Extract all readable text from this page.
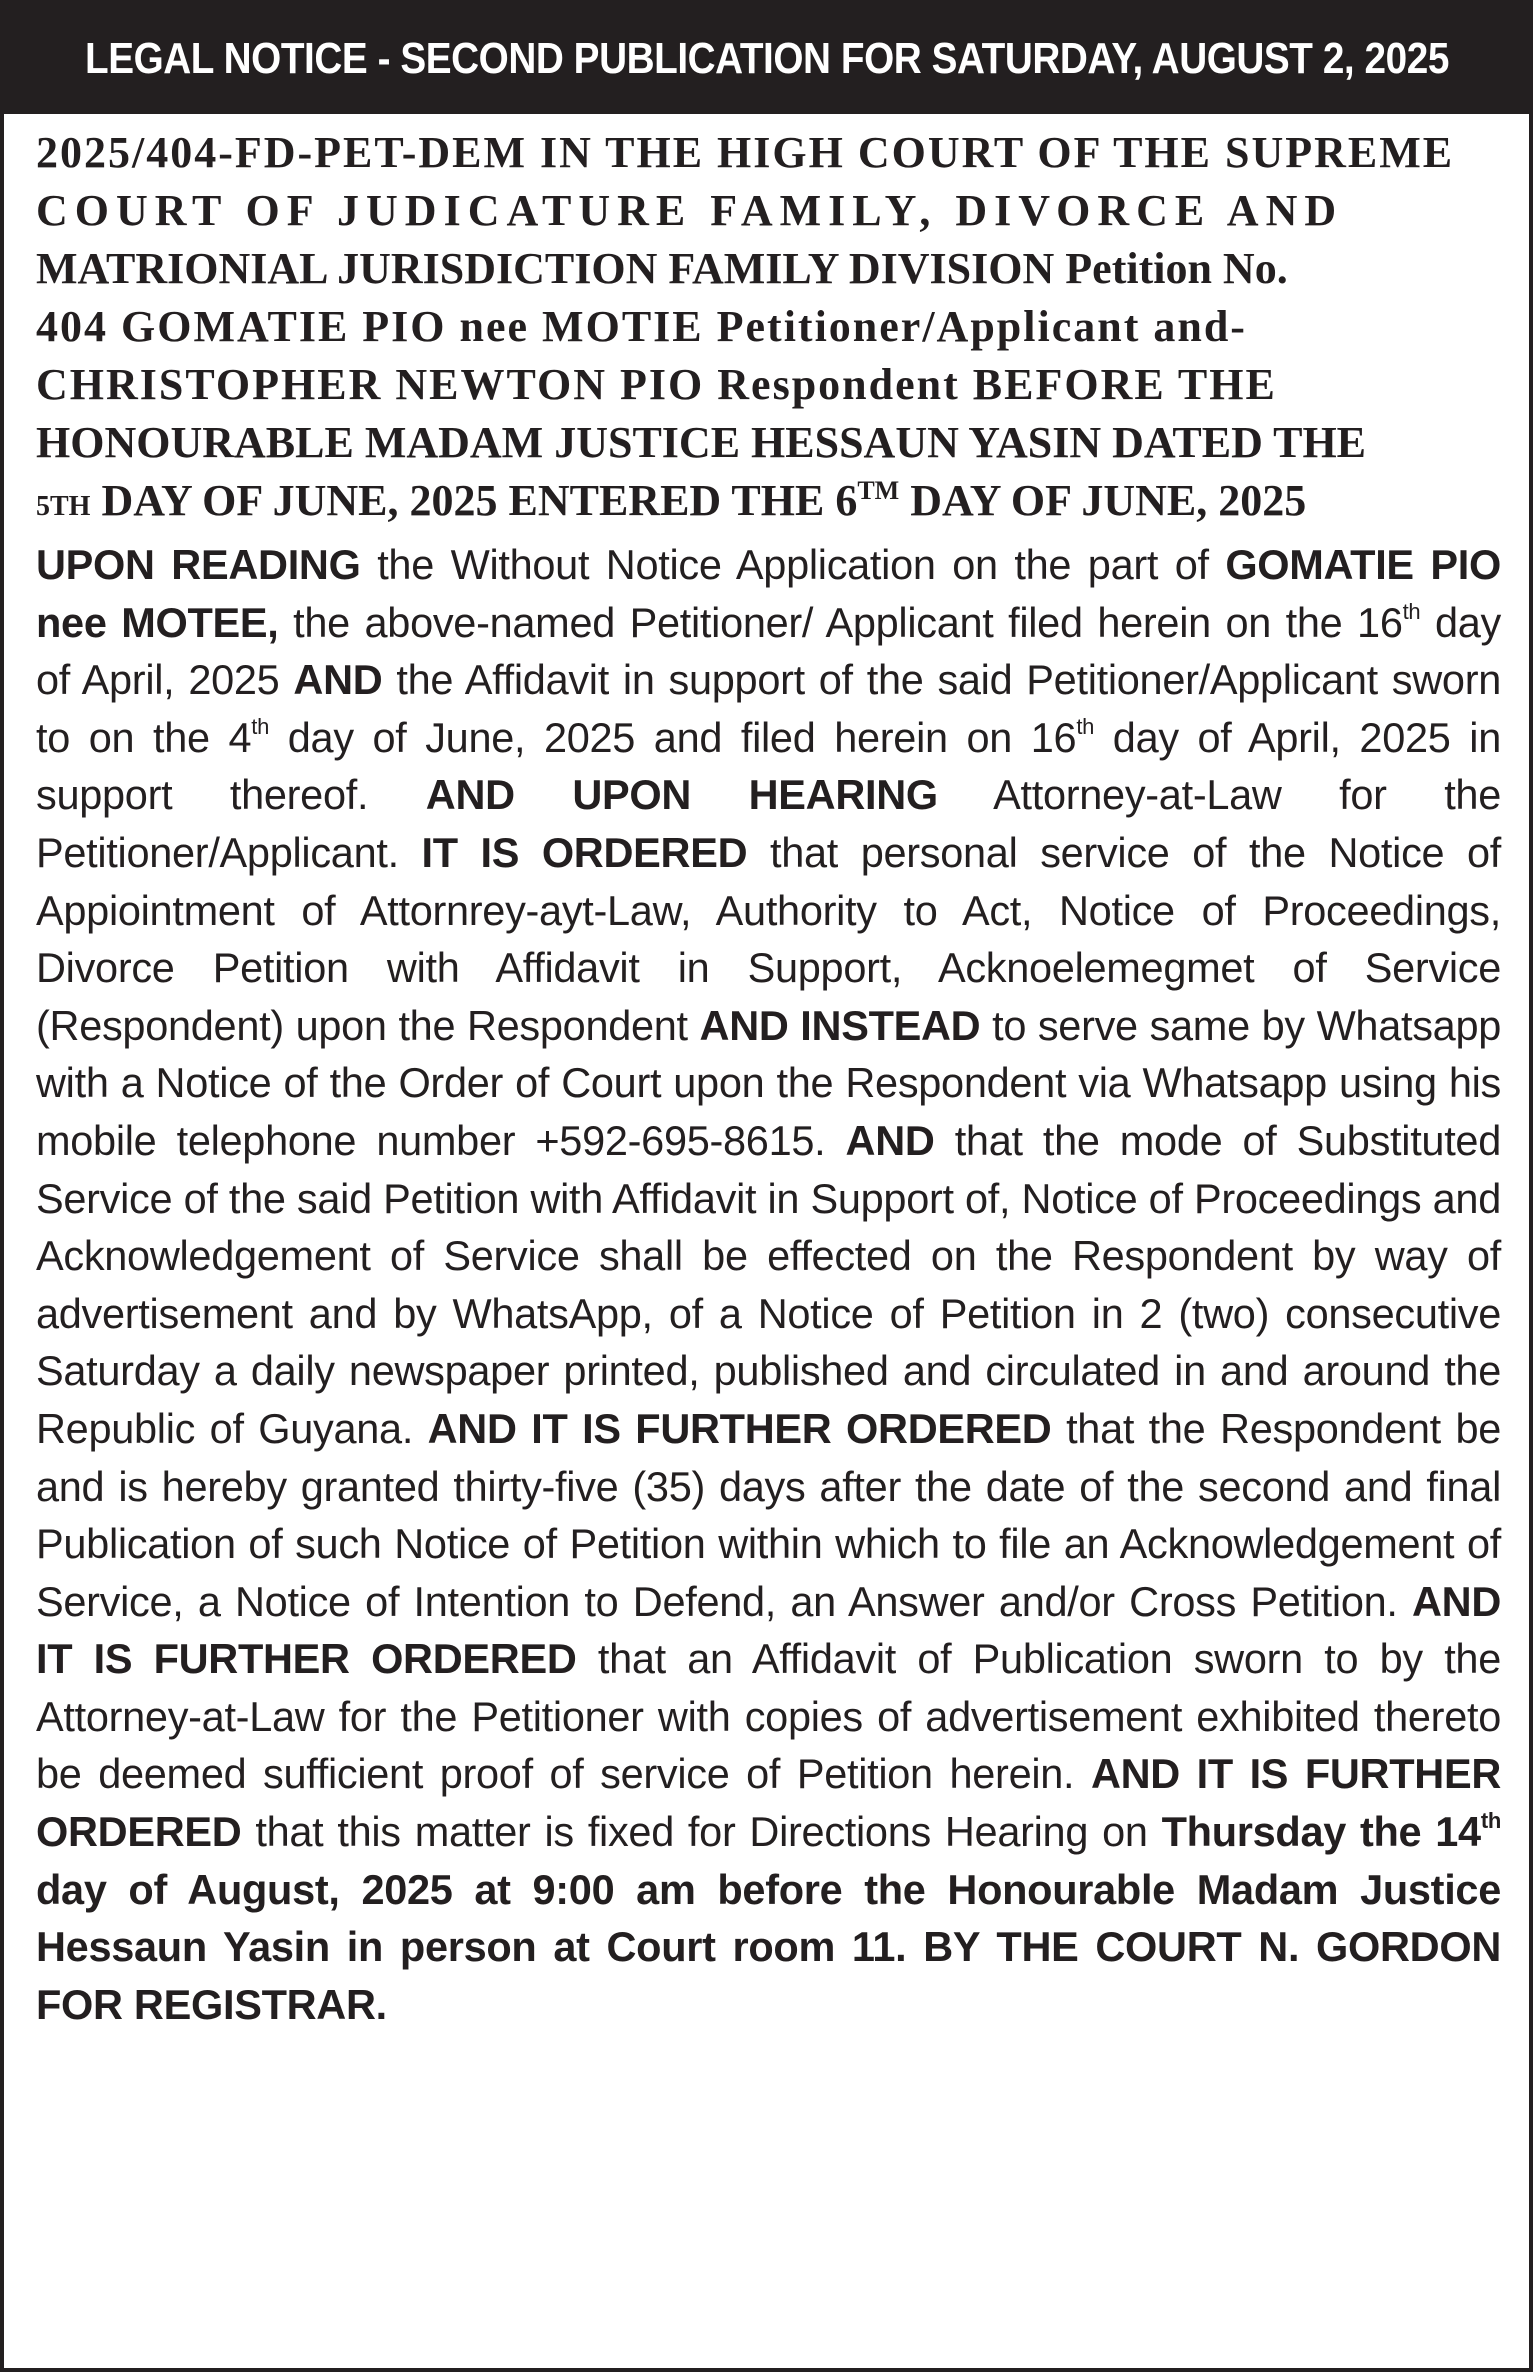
LEGAL NOTICE - SECOND PUBLICATION FOR SATURDAY, AUGUST 2, 2025
2025/404-FD-PET-DEM IN THE HIGH COURT OF THE SUPREME
COURT OF JUDICATURE FAMILY, DIVORCE AND
MATRIONIAL JURISDICTION FAMILY DIVISION Petition No.
404 GOMATIE PIO nee MOTIE Petitioner/Applicant and-
CHRISTOPHER NEWTON PIO Respondent BEFORE THE
HONOURABLE MADAM JUSTICE HESSAUN YASIN DATED THE
5TH DAY OF JUNE, 2025 ENTERED THE 6™ DAY OF JUNE, 2025
UPON READING the Without Notice Application on the part of GOMATIE PIO nee MOTEE, the above-named Petitioner/ Applicant filed herein on the 16th day of April, 2025 AND the Affidavit in support of the said Petitioner/Applicant sworn to on the 4th day of June, 2025 and filed herein on 16th day of April, 2025 in support thereof. AND UPON HEARING Attorney-at-Law for the Petitioner/Applicant. IT IS ORDERED that personal service of the Notice of Appiointment of Attornrey-ayt-Law, Authority to Act, Notice of Proceedings, Divorce Petition with Affidavit in Support, Acknoelemegmet of Service (Respondent) upon the Respondent AND INSTEAD to serve same by Whatsapp with a Notice of the Order of Court upon the Respondent via Whatsapp using his mobile telephone number +592-695-8615. AND that the mode of Substituted Service of the said Petition with Affidavit in Support of, Notice of Proceedings and Acknowledgement of Service shall be effected on the Respondent by way of advertisement and by WhatsApp, of a Notice of Petition in 2 (two) consecutive Saturday a daily newspaper printed, published and circulated in and around the Republic of Guyana. AND IT IS FURTHER ORDERED that the Respondent be and is hereby granted thirty-five (35) days after the date of the second and final Publication of such Notice of Petition within which to file an Acknowledgement of Service, a Notice of Intention to Defend, an Answer and/or Cross Petition. AND IT IS FURTHER ORDERED that an Affidavit of Publication sworn to by the Attorney-at-Law for the Petitioner with copies of advertisement exhibited thereto be deemed sufficient proof of service of Petition herein. AND IT IS FURTHER ORDERED that this matter is fixed for Directions Hearing on Thursday the 14th day of August, 2025 at 9:00 am before the Honourable Madam Justice Hessaun Yasin in person at Court room 11. BY THE COURT N. GORDON FOR REGISTRAR.
